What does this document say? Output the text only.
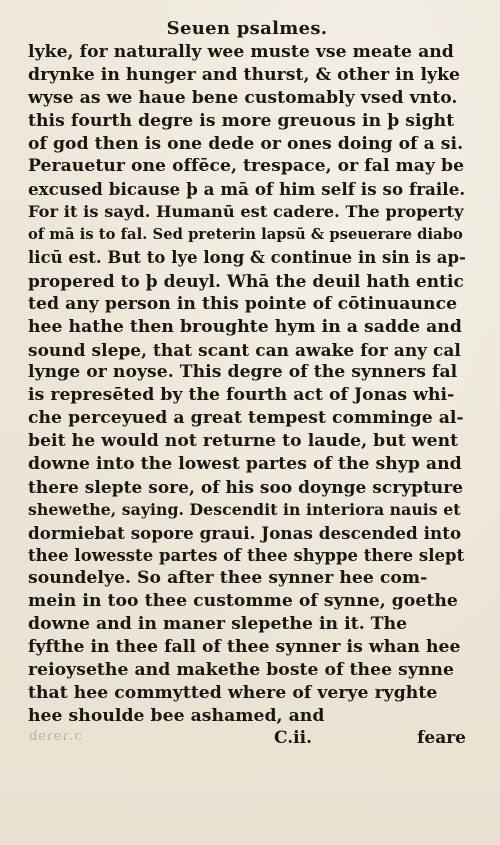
Seuen psalmes.
lyke, for naturally wee muste vse meate and
drynke in hunger and thurst, & other in lyke
wyse as we haue bene customably vsed vnto.
this fourth degre is more greuous in þ sight
of god then is one dede or ones doing of a si.
Perauetur one offēce, trespace, or fal may be
excused bicause þ a mā of him self is so fraile.
For it is sayd. Humanū est cadere. The property
of mā is to fal. Sed preterin lapsū & pseuerare diabo
licū est. But to lye long & continue in sin is ap-
propered to þ deuyl. Whā the deuil hath entic
ted any person in this pointe of cōtinuaunce
hee hathe then broughte hym in a sadde and
sound slepe, that scant can awake for any cal
lynge or noyse. This degre of the synners fal
is represēted by the fourth act of Jonas whi-
che perceyued a great tempest comminge al-
beit he would not returne to laude, but went
downe into the lowest partes of the shyp and
there slepte sore, of his soo doynge scrypture
shewethe, saying. Descendit in interiora nauis et
dormiebat sopore graui. Jonas descended into
thee lowesste partes of thee shyppe there slept
soundelye. So after thee synner hee com-
mein in too thee customme of synne, goethe
downe and in maner slepethe in it. The
fyfthe in thee fall of thee synner is whan hee
reioysethe and makethe boste of thee synne
that hee commytted where of verye ryghte
hee shoulde bee ashamed, and
ɔ.ɿɘɿɘb	C.ii.	feare
